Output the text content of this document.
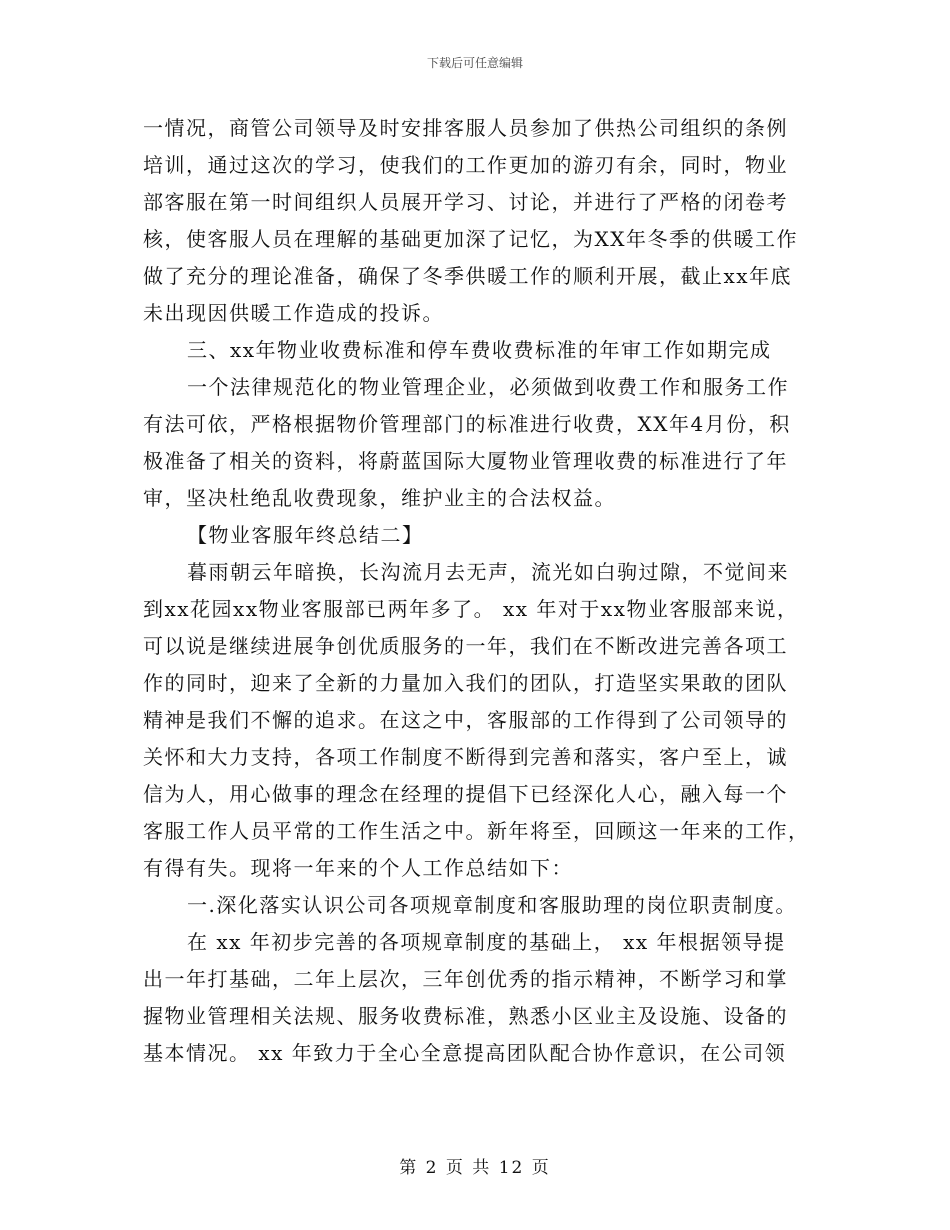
下载后可任意编辑
一情况，商管公司领导及时安排客服人员参加了供热公司组织的条例
培训，通过这次的学习，使我们的工作更加的游刃有余，同时，物业
部客服在第一时间组织人员展开学习、讨论，并进行了严格的闭卷考
核，使客服人员在理解的基础更加深了记忆，为XX年冬季的供暖工作
做了充分的理论准备，确保了冬季供暖工作的顺利开展，截止xx年底
未出现因供暖工作造成的投诉。
三、xx年物业收费标准和停车费收费标准的年审工作如期完成
一个法律规范化的物业管理企业，必须做到收费工作和服务工作
有法可依，严格根据物价管理部门的标准进行收费，XX年4月份，积
极准备了相关的资料，将蔚蓝国际大厦物业管理收费的标准进行了年
审，坚决杜绝乱收费现象，维护业主的合法权益。
【物业客服年终总结二】
暮雨朝云年暗换，长沟流月去无声，流光如白驹过隙，不觉间来
到xx花园xx物业客服部已两年多了。 xx 年对于xx物业客服部来说，
可以说是继续进展争创优质服务的一年，我们在不断改进完善各项工
作的同时，迎来了全新的力量加入我们的团队，打造坚实果敢的团队
精神是我们不懈的追求。在这之中，客服部的工作得到了公司领导的
关怀和大力支持，各项工作制度不断得到完善和落实，客户至上，诚
信为人，用心做事的理念在经理的提倡下已经深化人心，融入每一个
客服工作人员平常的工作生活之中。新年将至，回顾这一年来的工作，
有得有失。现将一年来的个人工作总结如下：
一.深化落实认识公司各项规章制度和客服助理的岗位职责制度。
在 xx 年初步完善的各项规章制度的基础上， xx 年根据领导提
出一年打基础，二年上层次，三年创优秀的指示精神，不断学习和掌
握物业管理相关法规、服务收费标准，熟悉小区业主及设施、设备的
基本情况。 xx 年致力于全心全意提高团队配合协作意识，在公司领
第 2 页 共 12 页
